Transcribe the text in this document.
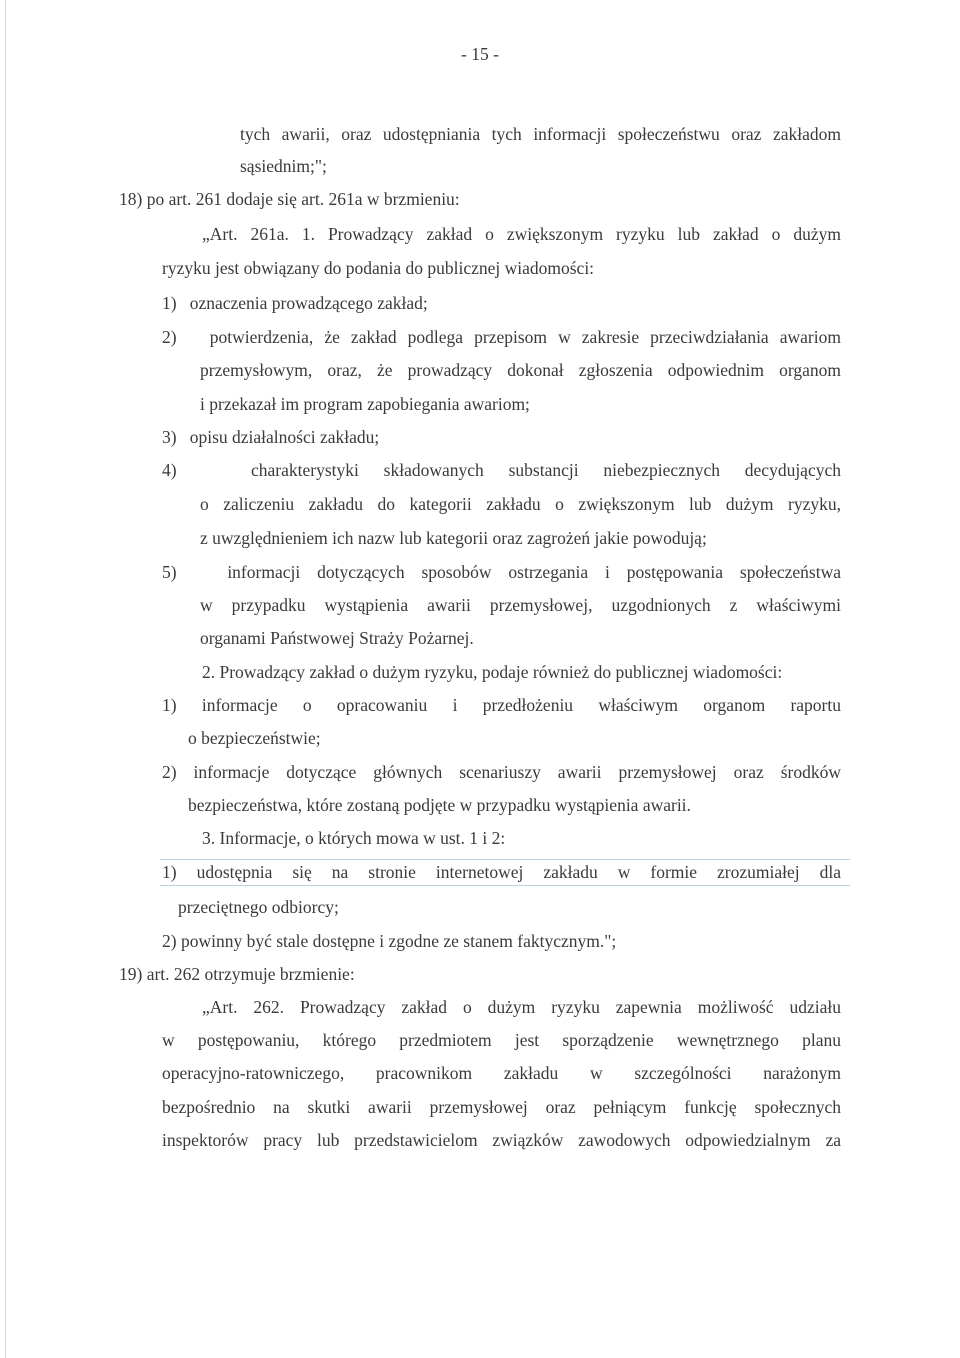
- 15 -
tych awarii, oraz udostępniania tych informacji społeczeństwu oraz zakładom
sąsiednim;";
18) po art. 261 dodaje się art. 261a w brzmieniu:
„Art. 261a. 1. Prowadzący zakład o zwiększonym ryzyku lub zakład o dużym
ryzyku jest obwiązany do podania do publicznej wiadomości:
1)   oznaczenia prowadzącego zakład;
2)   potwierdzenia, że zakład podlega przepisom w zakresie przeciwdziałania awariom
przemysłowym, oraz, że prowadzący dokonał zgłoszenia odpowiednim organom
i przekazał im program zapobiegania awariom;
3)   opisu działalności zakładu;
4)   charakterystyki składowanych substancji niebezpiecznych decydujących
o zaliczeniu zakładu do kategorii zakładu o zwiększonym lub dużym ryzyku,
z uwzględnieniem ich nazw lub kategorii oraz zagrożeń jakie powodują;
5)   informacji dotyczących sposobów ostrzegania i postępowania społeczeństwa
w przypadku wystąpienia awarii przemysłowej, uzgodnionych z właściwymi
organami Państwowej Straży Pożarnej.
2. Prowadzący zakład o dużym ryzyku, podaje również do publicznej wiadomości:
1) informacje o opracowaniu i przedłożeniu właściwym organom raportu
o bezpieczeństwie;
2) informacje dotyczące głównych scenariuszy awarii przemysłowej oraz środków
bezpieczeństwa, które zostaną podjęte w przypadku wystąpienia awarii.
3. Informacje, o których mowa w ust. 1 i 2:
1) udostępnia się na stronie internetowej zakładu w formie zrozumiałej dla
przeciętnego odbiorcy;
2) powinny być stale dostępne i zgodne ze stanem faktycznym.";
19) art. 262 otrzymuje brzmienie:
„Art. 262. Prowadzący zakład o dużym ryzyku zapewnia możliwość udziału
w postępowaniu, którego przedmiotem jest sporządzenie wewnętrznego planu
operacyjno-ratowniczego, pracownikom zakładu w szczególności narażonym
bezpośrednio na skutki awarii przemysłowej oraz pełniącym funkcję społecznych
inspektorów pracy lub przedstawicielom związków zawodowych odpowiedzialnym za
